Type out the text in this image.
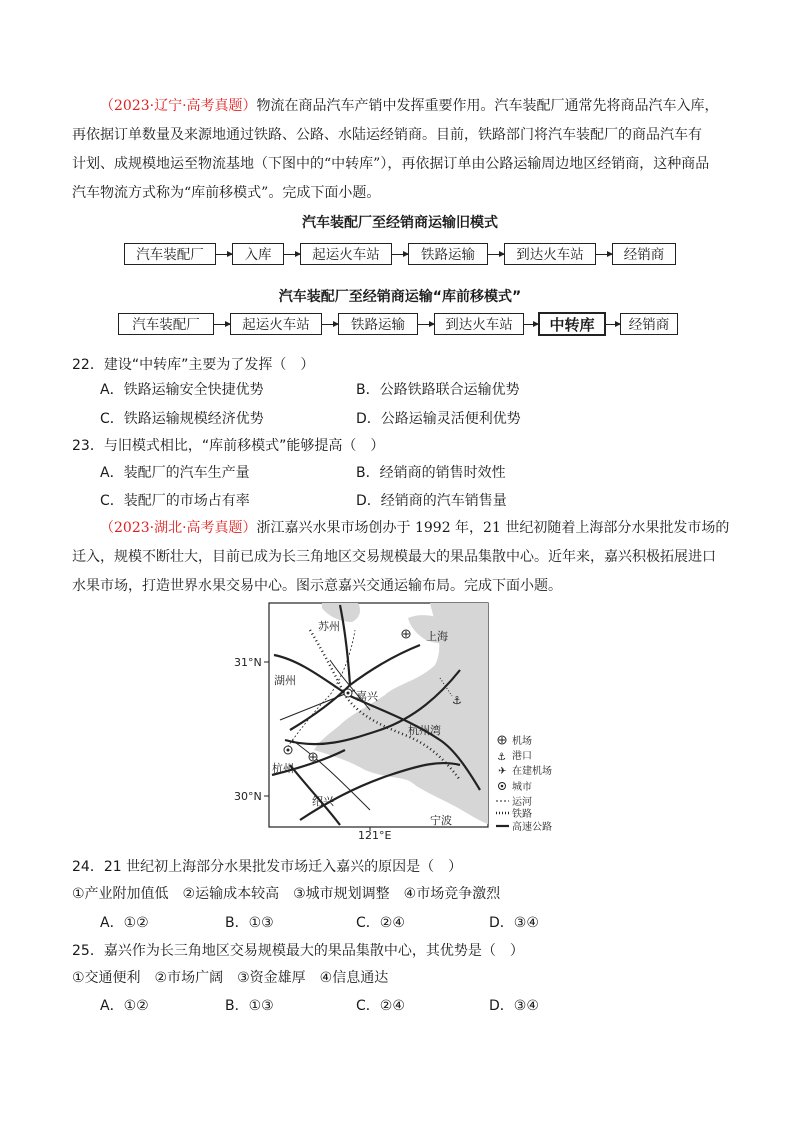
（2023·辽宁·高考真题）物流在商品汽车产销中发挥重要作用。汽车装配厂通常先将商品汽车入库，
再依据订单数量及来源地通过铁路、公路、水陆运经销商。目前，铁路部门将汽车装配厂的商品汽车有
计划、成规模地运至物流基地（下图中的“中转库”），再依据订单由公路运输周边地区经销商，这种商品
汽车物流方式称为“库前移模式”。完成下面小题。
汽车装配厂至经销商运输旧模式
汽车装配厂	入库	起运火车站	铁路运输	到达火车站	经销商
汽车装配厂至经销商运输“库前移模式”
汽车装配厂	起运火车站	铁路运输	到达火车站	中转库	经销商
22．建设“中转库”主要为了发挥（　）
A．铁路运输安全快捷优势	B．公路铁路联合运输优势
C．铁路运输规模经济优势	D．公路运输灵活便利优势
23．与旧模式相比，“库前移模式”能够提高（　）
A．装配厂的汽车生产量	B．经销商的销售时效性
C．装配厂的市场占有率	D．经销商的汽车销售量
（2023·湖北·高考真题）浙江嘉兴水果市场创办于 1992 年，21 世纪初随着上海部分水果批发市场的
迁入，规模不断壮大，目前已成为长三角地区交易规模最大的果品集散中心。近年来，嘉兴积极拓展进口
水果市场，打造世界水果交易中心。图示意嘉兴交通运输布局。完成下面小题。
⚓
苏州
上海
湖州
嘉兴
杭州湾
杭州
绍兴
宁波
31°N
30°N
121°E
机场
⚓ 港口
✈ 在建机场
城市
运河
铁路
高速公路
24．21 世纪初上海部分水果批发市场迁入嘉兴的原因是（　）
①产业附加值低　②运输成本较高　③城市规划调整　④市场竞争激烈
A．①②	B．①③	C．②④	D．③④
25．嘉兴作为长三角地区交易规模最大的果品集散中心，其优势是（　）
①交通便利　②市场广阔　③资金雄厚　④信息通达
A．①②	B．①③	C．②④	D．③④
